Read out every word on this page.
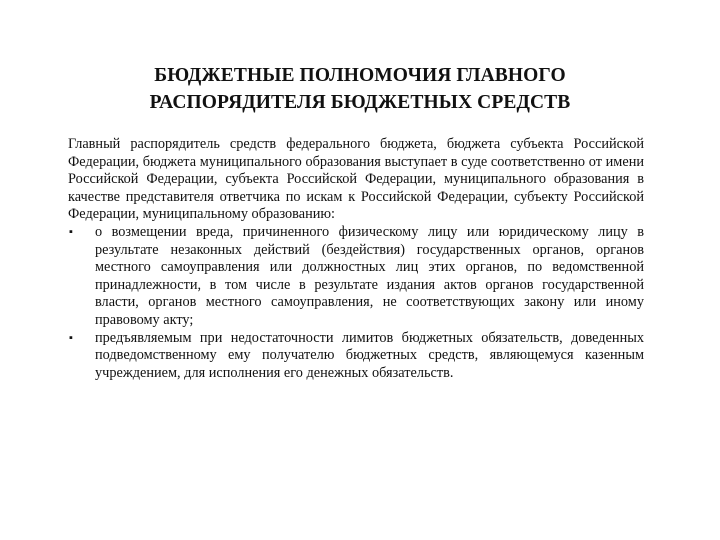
БЮДЖЕТНЫЕ ПОЛНОМОЧИЯ ГЛАВНОГО
РАСПОРЯДИТЕЛЯ БЮДЖЕТНЫХ СРЕДСТВ

Главный распорядитель средств федерального бюджета, бюджета субъекта Российской Федерации, бюджета муниципального образования выступает в суде соответственно от имени Российской Федерации, субъекта Российской Федерации, муниципального образования в качестве представителя ответчика по искам к Российской Федерации, субъекту Российской Федерации, муниципальному образованию:

▪ о возмещении вреда, причиненного физическому лицу или юридическому лицу в результате незаконных действий (бездействия) государственных органов, органов местного самоуправления или должностных лиц этих органов, по ведомственной принадлежности, в том числе в результате издания актов органов государственной власти, органов местного самоуправления, не соответствующих закону или иному правовому акту;
▪ предъявляемым при недостаточности лимитов бюджетных обязательств, доведенных подведомственному ему получателю бюджетных средств, являющемуся казенным учреждением, для исполнения его денежных обязательств.
